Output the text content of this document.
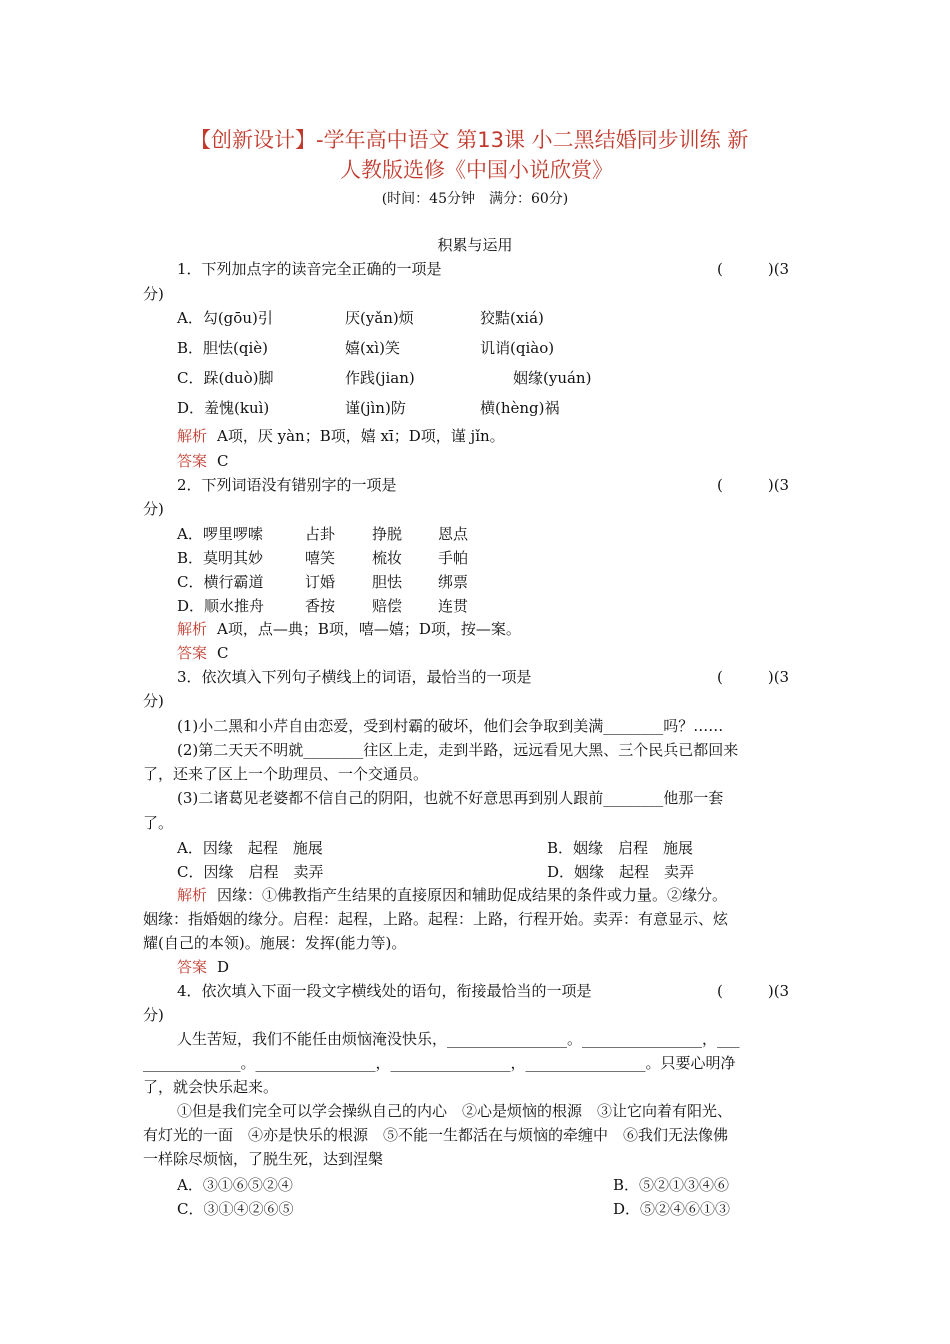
【创新设计】-学年高中语文 第13课 小二黑结婚同步训练 新
人教版选修《中国小说欣赏》
(时间：45分钟　满分：60分)
积累与运用
1．下列加点字的读音完全正确的一项是	(　　　)(3
分)
A．勾(gōu)引	厌(yǎn)烦	狡黠(xiá)
B．胆怯(qiè)	嬉(xì)笑	讥诮(qiào)
C．跺(duò)脚	作践(jian)	姻缘(yuán)
D．羞愧(kuì)	谨(jìn)防	横(hèng)祸
解析 A项，厌 yàn；B项，嬉 xī；D项，谨 jǐn。
答案 C
2．下列词语没有错别字的一项是	(　　　)(3
分)
A．啰里啰嗦	占卦 挣脱 恩点
B．莫明其妙	嘻笑 梳妆 手帕
C．横行霸道	订婚 胆怯 绑票
D．顺水推舟	香按 赔偿 连贯
解析 A项，点—典；B项，嘻—嬉；D项，按—案。
答案 C
3．依次填入下列句子横线上的词语，最恰当的一项是	(　　　)(3
分)
(1)小二黑和小芹自由恋爱，受到村霸的破坏，他们会争取到美满________吗？……
(2)第二天天不明就________往区上走，走到半路，远远看见大黑、三个民兵已都回来
了，还来了区上一个助理员、一个交通员。
(3)二诸葛见老婆都不信自己的阴阳，也就不好意思再到别人跟前________他那一套
了。
A．因缘　起程　施展	B．姻缘　启程　施展
C．因缘　启程　卖弄	D．姻缘　起程　卖弄
解析 因缘：①佛教指产生结果的直接原因和辅助促成结果的条件或力量。②缘分。
姻缘：指婚姻的缘分。启程：起程，上路。起程：上路，行程开始。卖弄：有意显示、炫
耀(自己的本领)。施展：发挥(能力等)。
答案 D
4．依次填入下面一段文字横线处的语句，衔接最恰当的一项是	(　　　)(3
分)
人生苦短，我们不能任由烦恼淹没快乐，________________。________________，___
_____________。________________，________________，________________。只要心明净
了，就会快乐起来。
①但是我们完全可以学会操纵自己的内心　②心是烦恼的根源　③让它向着有阳光、
有灯光的一面　④亦是快乐的根源　⑤不能一生都活在与烦恼的牵缠中　⑥我们无法像佛
一样除尽烦恼，了脱生死，达到涅槃
A．③①⑥⑤②④	B．⑤②①③④⑥
C．③①④②⑥⑤	D．⑤②④⑥①③
